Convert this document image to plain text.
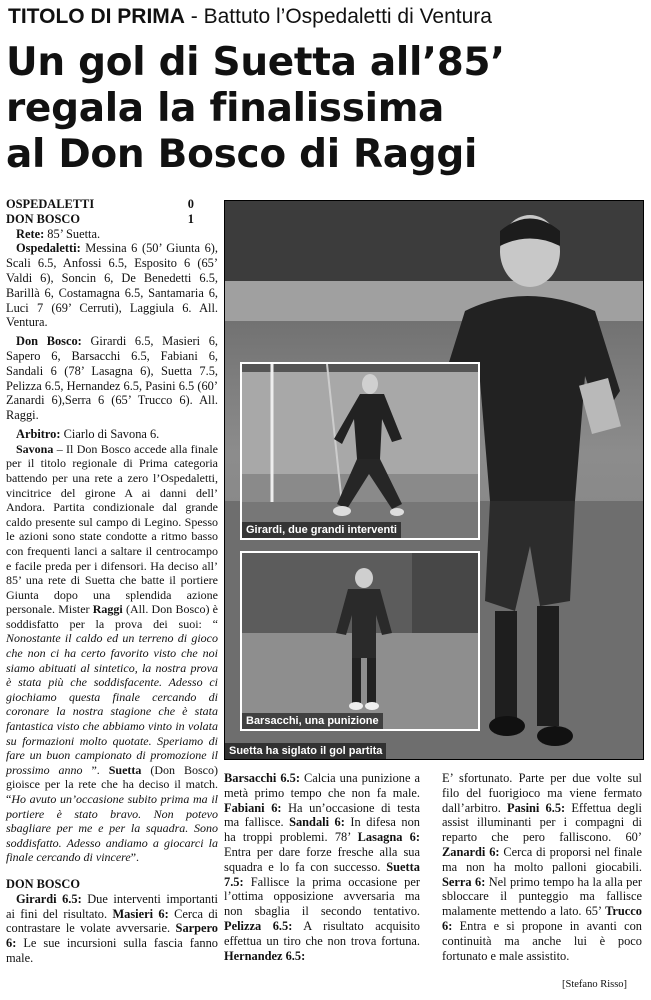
TITOLO DI PRIMA - Battuto l’Ospedaletti di Ventura
Un gol di Suetta all’85’
regala la finalissima
al Don Bosco di Raggi
OSPEDALETTI	0
DON BOSCO	1

Rete: 85’ Suetta.

Ospedaletti: Messina 6 (50’ Giunta 6), Scali 6.5, Anfossi 6.5, Esposito 6 (65’ Valdi 6), Soncin 6, De Benedetti 6.5, Barillà 6, Costamagna 6.5, Santamaria 6, Luci 7 (69’ Cerruti), Laggiula 6. All. Ventura.

Don Bosco: Girardi 6.5, Masieri 6, Sapero 6, Barsacchi 6.5, Fabiani 6, Sandali 6 (78’ Lasagna 6), Suetta 7.5, Pelizza 6.5, Hernandez 6.5, Pasini 6.5 (60’ Zanardi 6),Serra 6 (65’ Trucco 6). All. Raggi.

Arbitro: Ciarlo di Savona 6.

Savona – Il Don Bosco accede alla finale per il titolo regionale di Prima categoria battendo per una rete a zero l’Ospedaletti, vincitrice del girone A ai danni dell’ Andora. Partita condizionale dal grande caldo presente sul campo di Legino. Spesso le azioni sono state condotte a ritmo basso con frequenti lanci a saltare il centrocampo e facile preda per i difensori. Ha deciso all’ 85’ una rete di Suetta che batte il portiere Giunta dopo una splendida azione personale. Mister Raggi (All. Don Bosco) è soddisfatto per la prova dei suoi: “ Nonostante il caldo ed un terreno di gioco che non ci ha certo favorito visto che noi siamo abituati al sintetico, la nostra prova è stata più che soddisfacente. Adesso ci giochiamo questa finale cercando di coronare la nostra stagione che è stata fantastica visto che abbiamo vinto in volata su formazioni molto quotate. Speriamo di fare un buon campionato di promozione il prossimo anno ”. Suetta (Don Bosco) gioisce per la rete che ha deciso il match. “Ho avuto un’occasione subito prima ma il portiere è stato bravo. Non potevo sbagliare per me e per la squadra. Sono soddisfatto. Adesso andiamo a giocarci la finale cercando di vincere”.

DON BOSCO

Girardi 6.5: Due interventi importanti ai fini del risultato. Masieri 6: Cerca di contrastare le volate avversarie. Sarpero 6: Le sue incursioni sulla fascia fanno male.

Girardi, due grandi interventi
Barsacchi, una punizione
Suetta ha siglato il gol partita

Barsacchi 6.5: Calcia una punizione a metà primo tempo che non fa male. Fabiani 6: Ha un’occasione di testa ma fallisce. Sandali 6: In difesa non ha troppi problemi. 78’ Lasagna 6: Entra per dare forze fresche alla sua squadra e lo fa con successo. Suetta 7.5: Fallisce la prima occasione per l’ottima opposizione avversaria ma non sbaglia il secondo tentativo. Pelizza 6.5: A risultato acquisito effettua un tiro che non trova fortuna. Hernandez 6.5:

E’ sfortunato. Parte per due volte sul filo del fuorigioco ma viene fermato dall’arbitro. Pasini 6.5: Effettua degli assist illuminanti per i compagni di reparto che pero falliscono. 60’ Zanardi 6: Cerca di proporsi nel finale ma non ha molto palloni giocabili. Serra 6: Nel primo tempo ha la alla per sbloccare il punteggio ma fallisce malamente mettendo a lato. 65’ Trucco 6: Entra e si propone in avanti con continuità ma anche lui è poco fortunato e male assistito.

[Stefano Risso]
